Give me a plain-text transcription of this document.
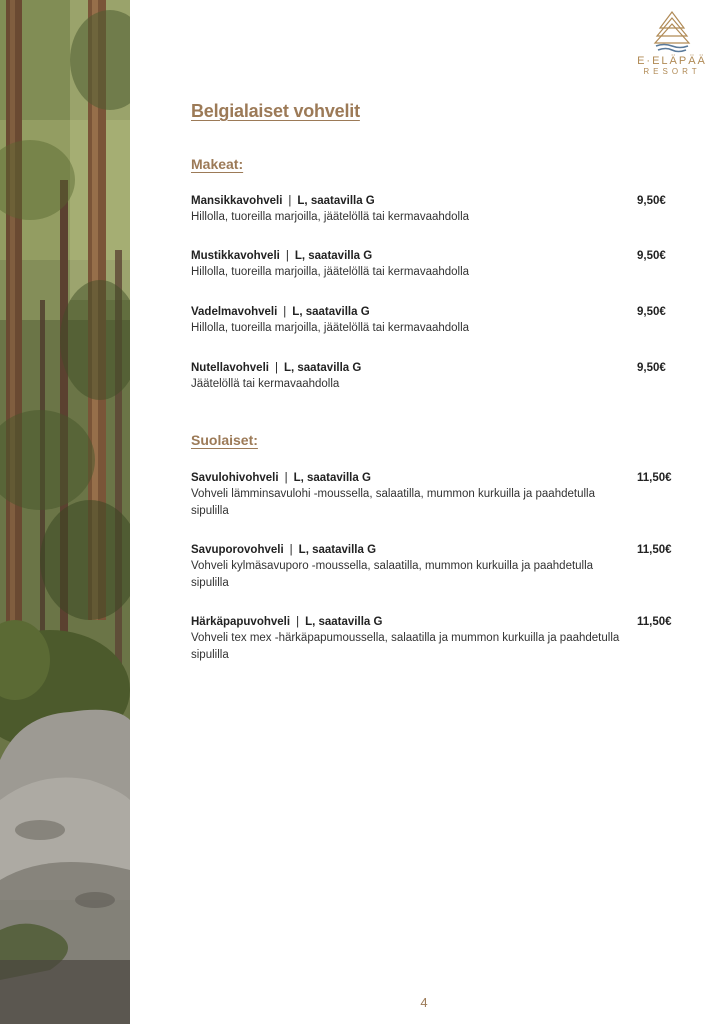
E·ELÄPÄÄ
RESORT
Belgialaiset vohvelit
Makeat:
Mansikkavohveli | L, saatavilla G	9,50€
Hillolla, tuoreilla marjoilla, jäätelöllä tai kermavaahdolla
Mustikkavohveli | L, saatavilla G	9,50€
Hillolla, tuoreilla marjoilla, jäätelöllä tai kermavaahdolla
Vadelmavohveli | L, saatavilla G	9,50€
Hillolla, tuoreilla marjoilla, jäätelöllä tai kermavaahdolla
Nutellavohveli | L, saatavilla G	9,50€
Jäätelöllä tai kermavaahdolla
Suolaiset:
Savulohivohveli | L, saatavilla G	11,50€
Vohveli lämminsavulohi -moussella, salaatilla, mummon kurkuilla ja paahdetulla sipulilla
Savuporovohveli | L, saatavilla G	11,50€
Vohveli kylmäsavuporo -moussella, salaatilla, mummon kurkuilla ja paahdetulla sipulilla
Härkäpapuvohveli | L, saatavilla G	11,50€
Vohveli tex mex -härkäpapumoussella, salaatilla ja mummon kurkuilla ja paahdetulla sipulilla
4
